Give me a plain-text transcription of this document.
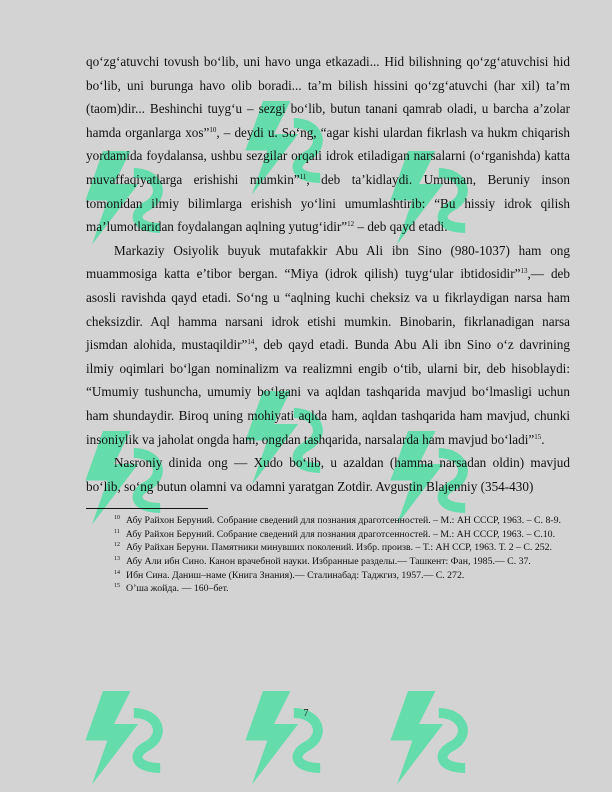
qo‘zg‘atuvchi tovush bo‘lib, uni havo unga etkazadi... Hid bilishning qo‘zg‘atuvchisi hid bo‘lib, uni burunga havo olib boradi... ta’m bilish hissini qo‘zg‘atuvchi (har xil) ta’m (taom)dir... Beshinchi tuyg‘u – sezgi bo‘lib, butun tanani qamrab oladi, u barcha a’zolar hamda organlarga xos”$^{10}$, – deydi u. So‘ng, “agar kishi ulardan fikrlash va hukm chiqarish yordamida foydalansa, ushbu sezgilar orqali idrok etiladigan narsalarni (o‘rganishda) katta muvaffaqiyatlarga erishishi mumkin”$^{11}$, deb ta’kidlaydi. Umuman, Beruniy inson tomonidan ilmiy bilimlarga erishish yo‘lini umumlashtirib: “Bu hissiy idrok qilish ma’lumotlaridan foydalangan aqlning yutug‘idir”$^{12}$ – deb qayd etadi.

Markaziy Osiyolik buyuk mutafakkir Abu Ali ibn Sino (980-1037) ham ong muammosiga katta e’tibor bergan. “Miya (idrok qilish) tuyg‘ular ibtidosidir”$^{13}$,— deb asosli ravishda qayd etadi. So‘ng u “aqlning kuchi cheksiz va u fikrlaydigan narsa ham cheksizdir. Aql hamma narsani idrok etishi mumkin. Binobarin, fikrlanadigan narsa jismdan alohida, mustaqildir”$^{14}$, deb qayd etadi. Bunda Abu Ali ibn Sino o‘z davrining ilmiy oqimlari bo‘lgan nominalizm va realizmni engib o‘tib, ularni bir, deb hisoblaydi: “Umumiy tushuncha, umumiy bo‘lgani va aqldan tashqarida mavjud bo‘lmasligi uchun ham shundaydir. Biroq uning mohiyati aqlda ham, aqldan tashqarida ham mavjud, chunki insoniylik va jaholat ongda ham, ongdan tashqarida, narsalarda ham mavjud bo‘ladi”$^{15}$.

Nasroniy dinida ong — Xudo bo‘lib, u azaldan (hamma narsadan oldin) mavjud bo‘lib, so‘ng butun olamni va odamni yaratgan Zotdir. Avgustin Blajenniy (354-430)

$^{10}$ Абу Райхон Беруний. Собрание сведений для познания драготсенностей. – М.: АН СССР, 1963. – С. 8-9.

$^{11}$ Абу Райхон Беруний. Собрание сведений для познания драготсенностей. – М.: АН СССР, 1963. – С.10.

$^{12}$ Абу Райхан Беруни. Памятники минувших поколений. Избр. произв. – Т.: АН ССР, 1963. Т. 2 – С. 252.

$^{13}$ Абу Али ибн Сино. Канон врачебной науки. Избранные разделы.— Ташкент: Фан, 1985.— С. 37.

$^{14}$ Ибн Сина. Даниш–наме (Книга Знания).— Сталинабад: Таджгиз, 1957.— С. 272.

$^{15}$ O’ша жойда. — 160–бет.

7
